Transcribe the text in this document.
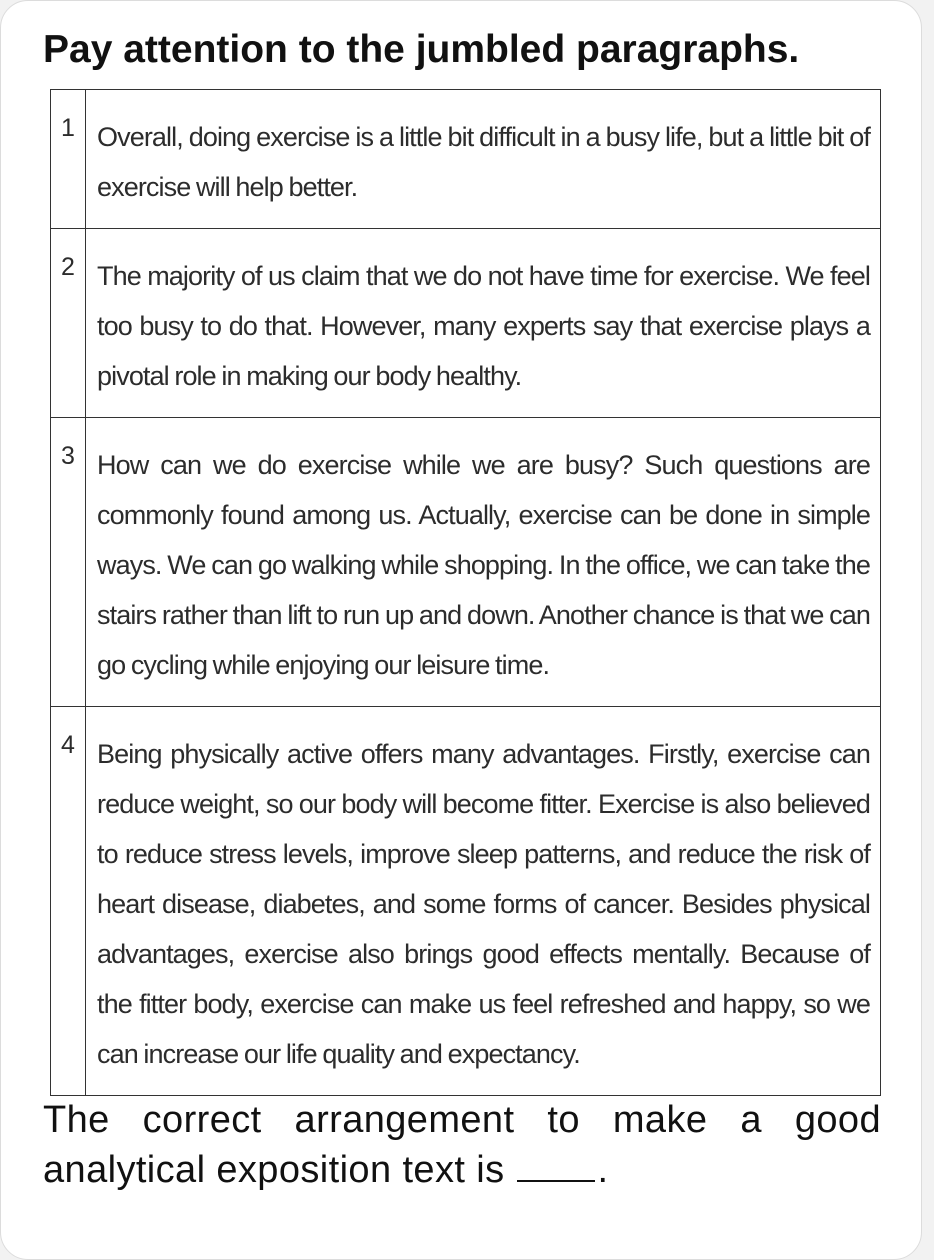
Pay attention to the jumbled paragraphs.
1	Overall, doing exercise is a little bit difficult in a busy life, but a little bit of exercise will help better.
2	The majority of us claim that we do not have time for exercise. We feel too busy to do that. However, many experts say that exercise plays a pivotal role in making our body healthy.
3	How can we do exercise while we are busy? Such questions are commonly found among us. Actually, exercise can be done in simple ways. We can go walking while shopping. In the office, we can take the stairs rather than lift to run up and down. Another chance is that we can go cycling while enjoying our leisure time.
4	Being physically active offers many advantages. Firstly, exercise can reduce weight, so our body will become fitter. Exercise is also believed to reduce stress levels, improve sleep patterns, and reduce the risk of heart disease, diabetes, and some forms of cancer. Besides physical advantages, exercise also brings good effects mentally. Because of the fitter body, exercise can make us feel refreshed and happy, so we can increase our life quality and expectancy.

The correct arrangement to make a good analytical exposition text is .
